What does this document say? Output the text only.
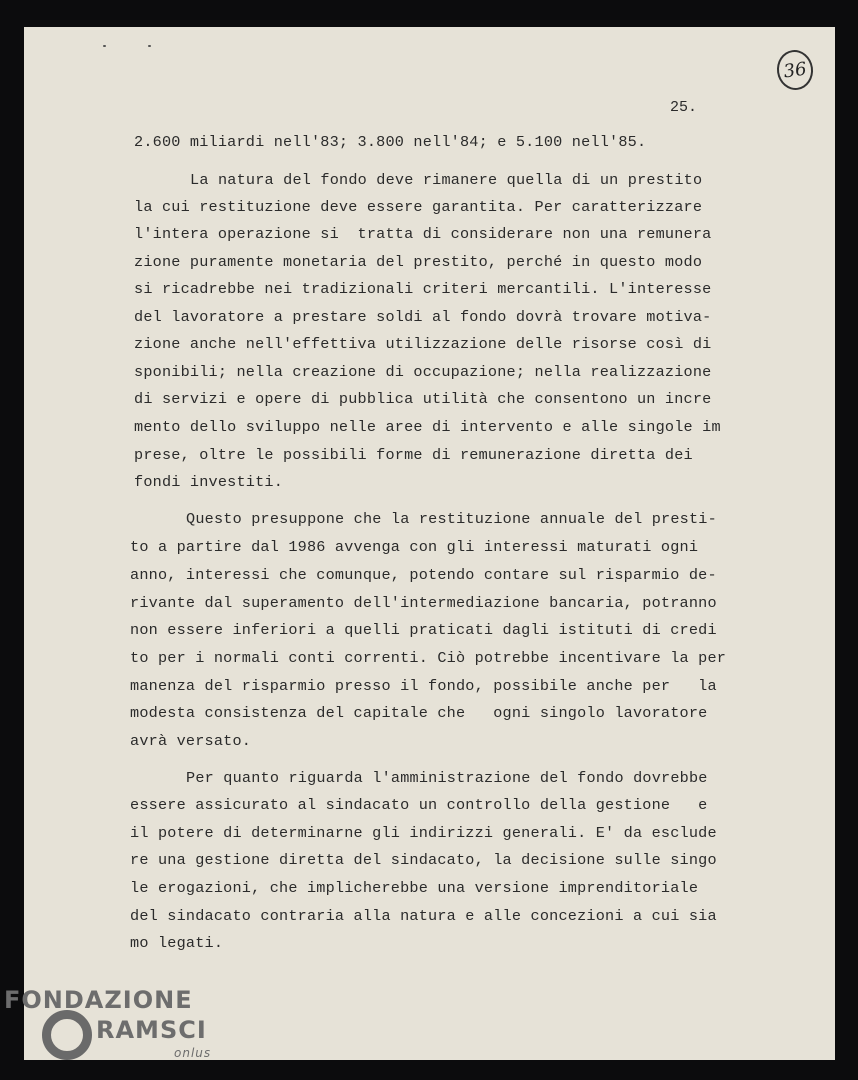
36
25.
2.600 miliardi nell'83; 3.800 nell'84; e 5.100 nell'85.
La natura del fondo deve rimanere quella di un prestito
la cui restituzione deve essere garantita. Per caratterizzare
l'intera operazione si  tratta di considerare non una remunera
zione puramente monetaria del prestito, perché in questo modo
si ricadrebbe nei tradizionali criteri mercantili. L'interesse
del lavoratore a prestare soldi al fondo dovrà trovare motiva-
zione anche nell'effettiva utilizzazione delle risorse così di
sponibili; nella creazione di occupazione; nella realizzazione
di servizi e opere di pubblica utilità che consentono un incre
mento dello sviluppo nelle aree di intervento e alle singole im
prese, oltre le possibili forme di remunerazione diretta dei
fondi investiti.
Questo presuppone che la restituzione annuale del presti-
to a partire dal 1986 avvenga con gli interessi maturati ogni
anno, interessi che comunque, potendo contare sul risparmio de-
rivante dal superamento dell'intermediazione bancaria, potranno
non essere inferiori a quelli praticati dagli istituti di credi
to per i normali conti correnti. Ciò potrebbe incentivare la per
manenza del risparmio presso il fondo, possibile anche per   la
modesta consistenza del capitale che   ogni singolo lavoratore
avrà versato.
Per quanto riguarda l'amministrazione del fondo dovrebbe
essere assicurato al sindacato un controllo della gestione   e
il potere di determinarne gli indirizzi generali. E' da esclude
re una gestione diretta del sindacato, la decisione sulle singo
le erogazioni, che implicherebbe una versione imprenditoriale
del sindacato contraria alla natura e alle concezioni a cui sia
mo legati.
FONDAZIONE
RAMSCI
onlus
